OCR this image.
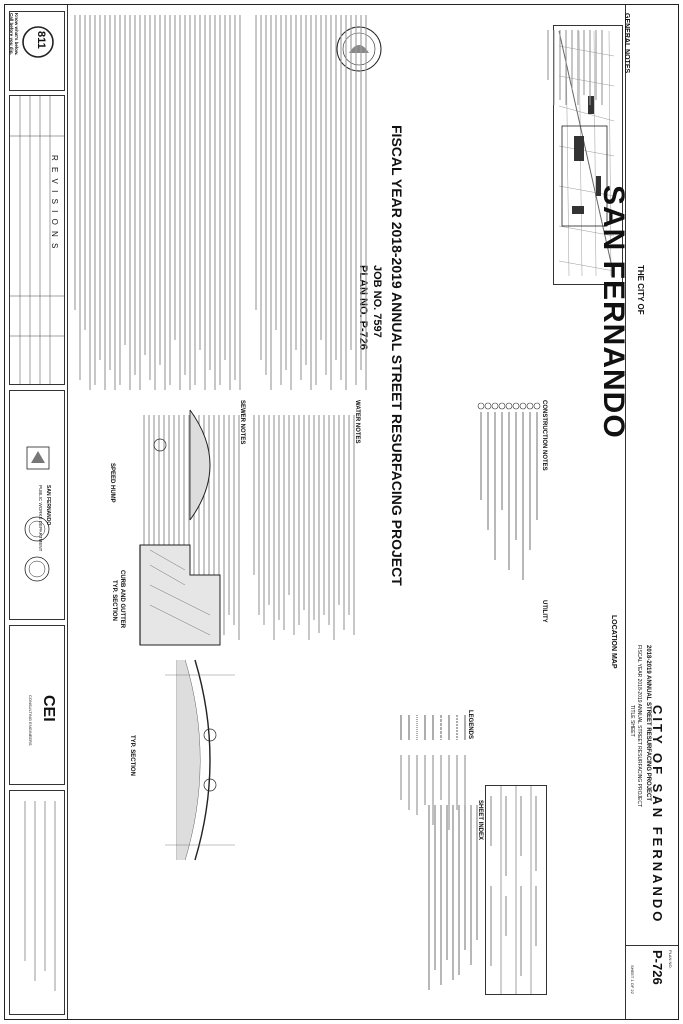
CITY OF SAN FERNANDO
2018-2019 ANNUAL STREET RESURFACING PROJECT
FISCAL YEAR 2018-2019 ANNUAL STREET RESURFACING PROJECT
TITLE SHEET
PLAN NO.
P-726
SHEET 1 OF 22
LOCATION MAP
UTILITY
SHEET INDEX
CONSTRUCTION NOTES
LEGENDS
THE CITY OF
SAN FERNANDO
FISCAL YEAR 2018-2019 ANNUAL STREET RESURFACING PROJECT
JOB NO. 7597
PLAN NO. P-726
WATER NOTES
SEWER NOTES
TYP. SECTION
GENERAL NOTES
CURB AND GUTTER
TYP. SECTION
SPEED HUMP
811
Know what's below.
Call before you dig.
R E V I S I O N S
SAN FERNANDO
PUBLIC WORKS DEPARTMENT
CEI
CONSULTING ENGINEERS
